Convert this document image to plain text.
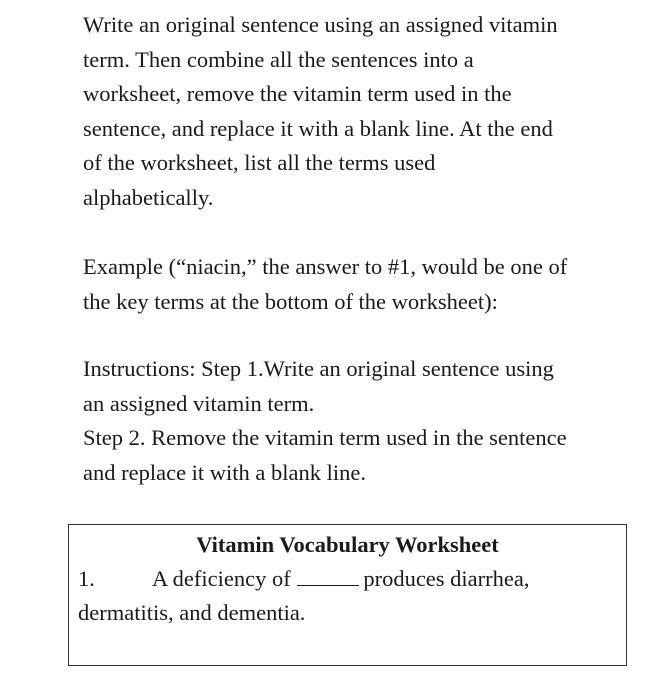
Write an original sentence using an assigned vitamin
term. Then combine all the sentences into a
worksheet, remove the vitamin term used in the
sentence, and replace it with a blank line. At the end
of the worksheet, list all the terms used
alphabetically.

Example (“niacin,” the answer to #1, would be one of
the key terms at the bottom of the worksheet):

Instructions: Step 1.Write an original sentence using
an assigned vitamin term.
Step 2. Remove the vitamin term used in the sentence
and replace it with a blank line.

Vitamin Vocabulary Worksheet
1.	A deficiency of	produces diarrhea,
dermatitis, and dementia.
